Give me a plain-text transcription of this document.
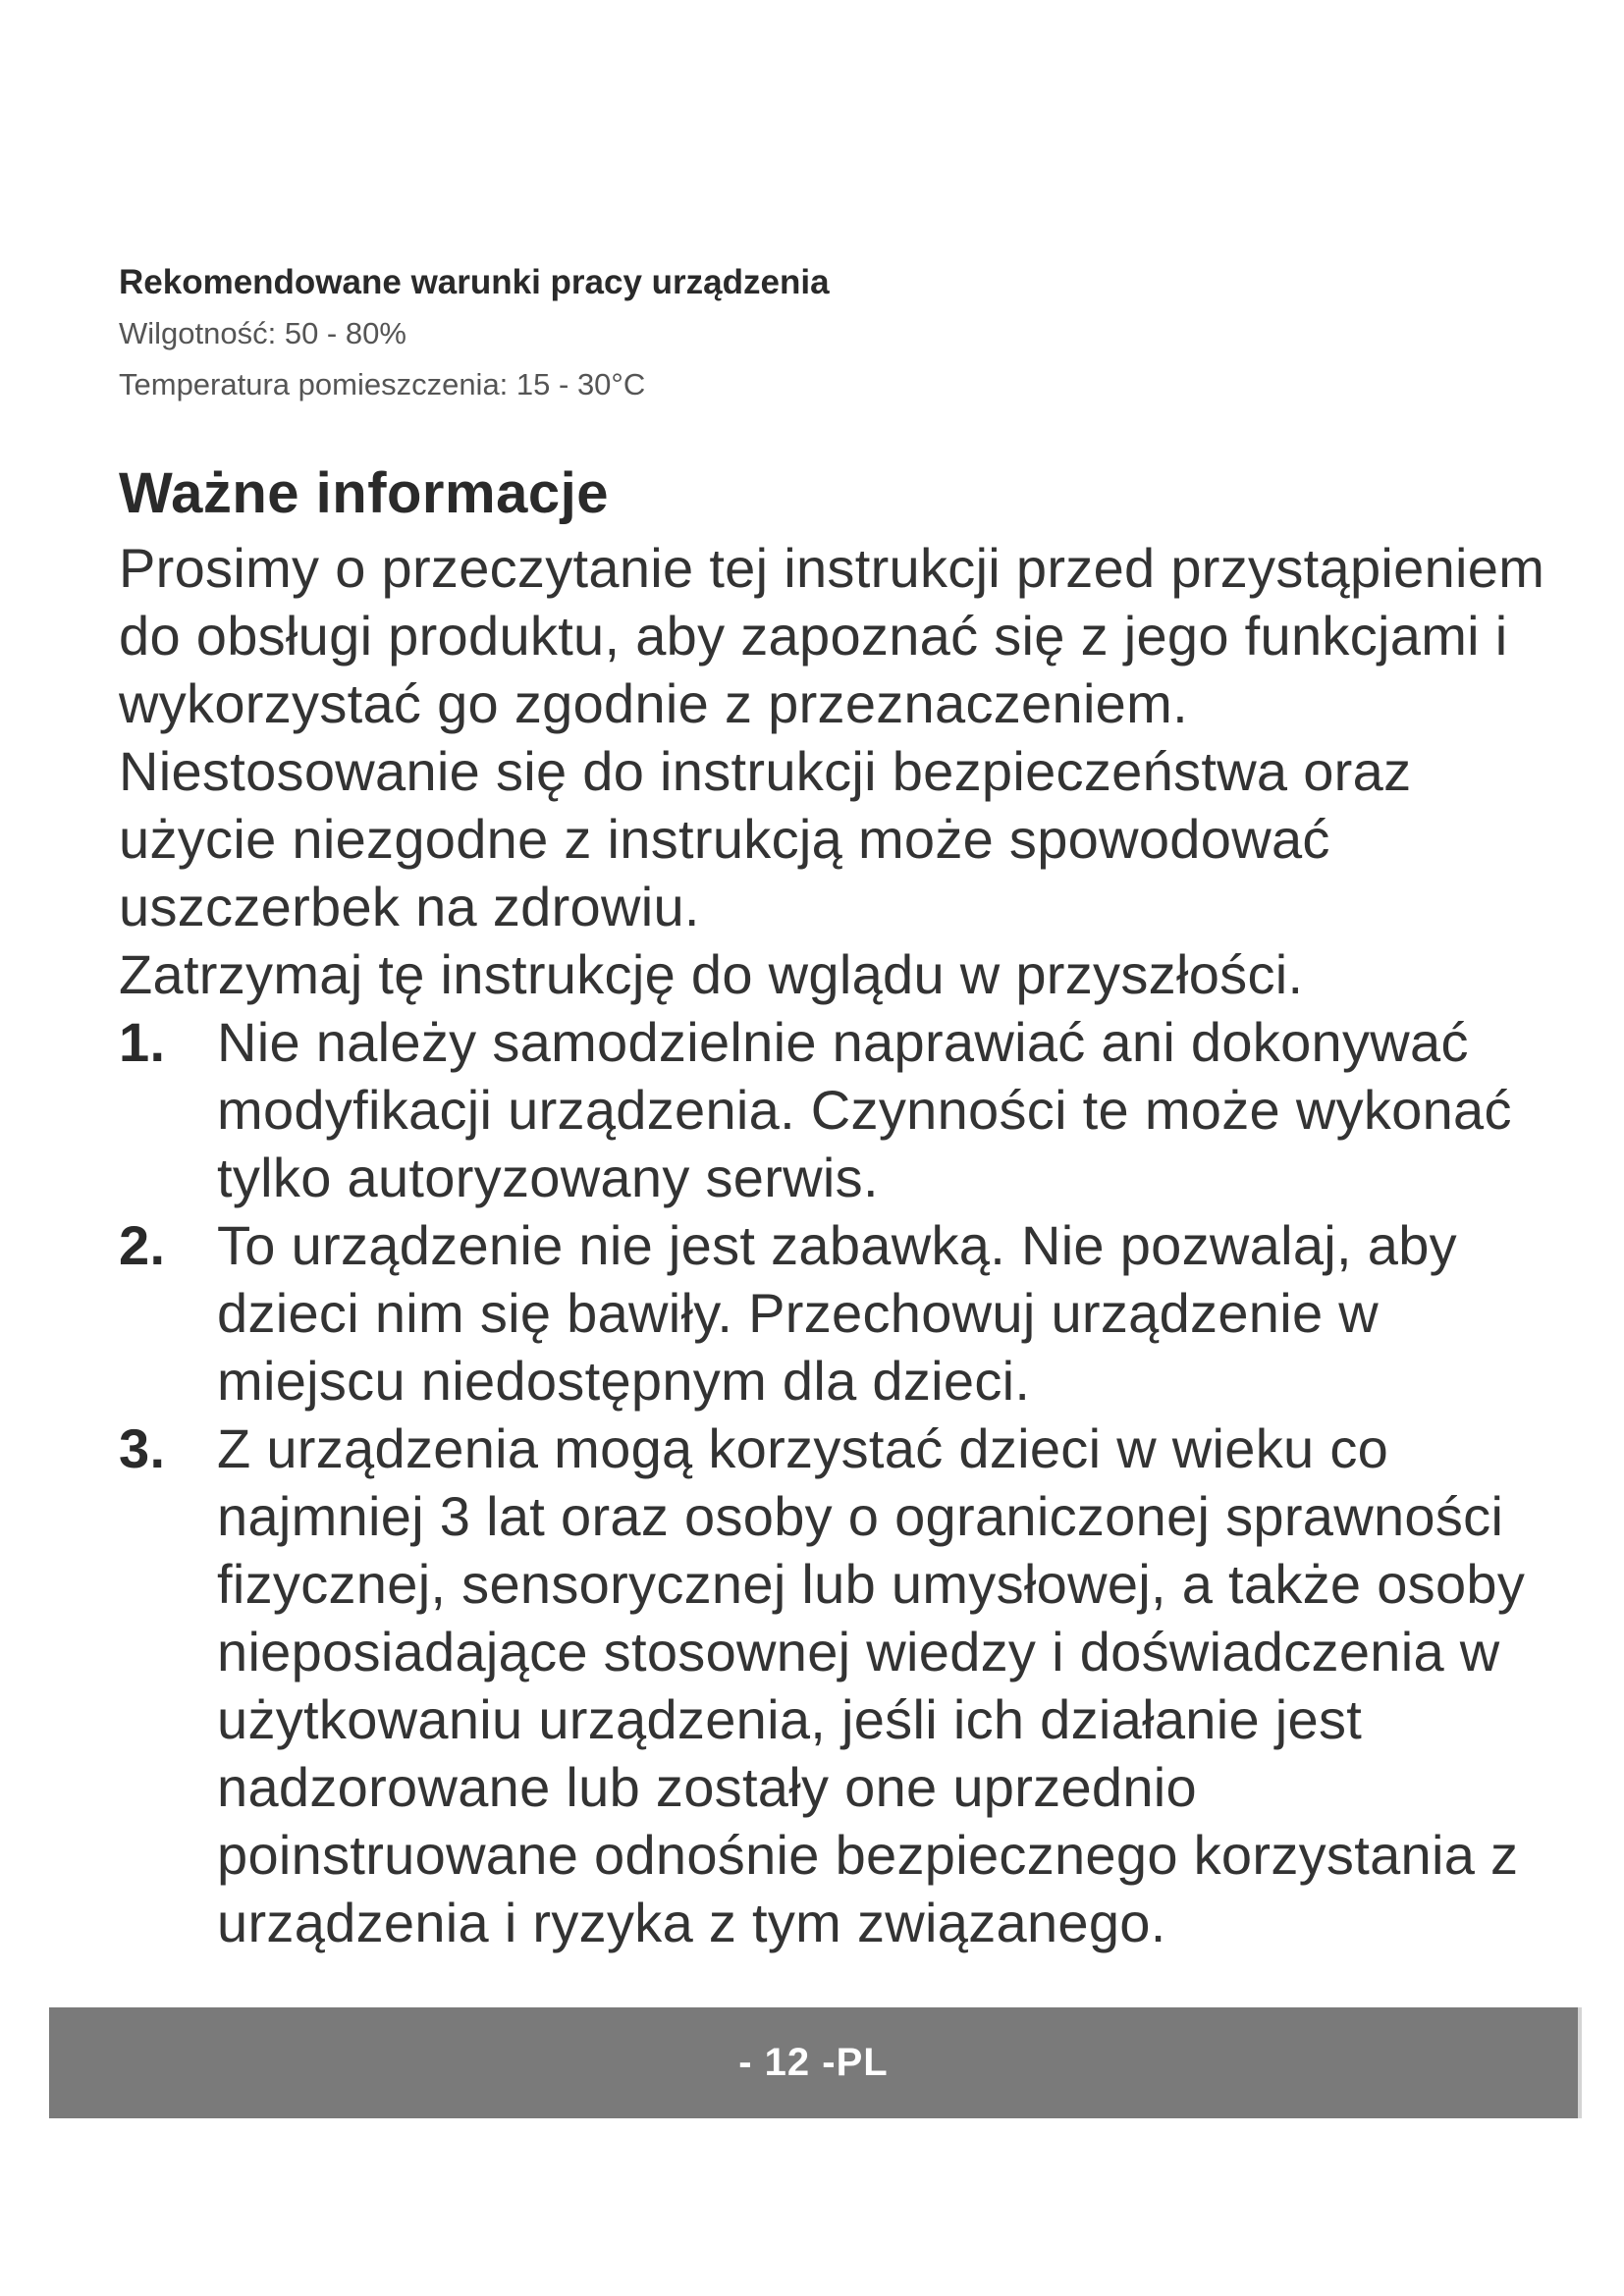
Rekomendowane warunki pracy urządzenia

Wilgotność: 50 - 80%

Temperatura pomieszczenia: 15 - 30°C

Ważne informacje

Prosimy o przeczytanie tej instrukcji przed przystąpieniem do obsługi produktu, aby zapoznać się z jego funkcjami i wykorzystać go zgodnie z przeznaczeniem.

Niestosowanie się do instrukcji bezpieczeństwa oraz użycie niezgodne z instrukcją może spowodować uszczerbek na zdrowiu.

Zatrzymaj tę instrukcję do wglądu w przyszłości.

1. Nie należy samodzielnie naprawiać ani dokonywać modyfikacji urządzenia. Czynności te może wykonać tylko autoryzowany serwis.
2. To urządzenie nie jest zabawką. Nie pozwalaj, aby dzieci nim się bawiły. Przechowuj urządzenie w miejscu niedostępnym dla dzieci.
3. Z urządzenia mogą korzystać dzieci w wieku co najmniej 3 lat oraz osoby o ograniczonej sprawności fizycznej, sensorycznej lub umysłowej, a także osoby nieposiadające stosownej wiedzy i doświadczenia w użytkowaniu urządzenia, jeśli ich działanie jest nadzorowane lub zostały one uprzednio poinstruowane odnośnie bezpiecznego korzystania z urządzenia i ryzyka z tym związanego.
- 12 -PL
